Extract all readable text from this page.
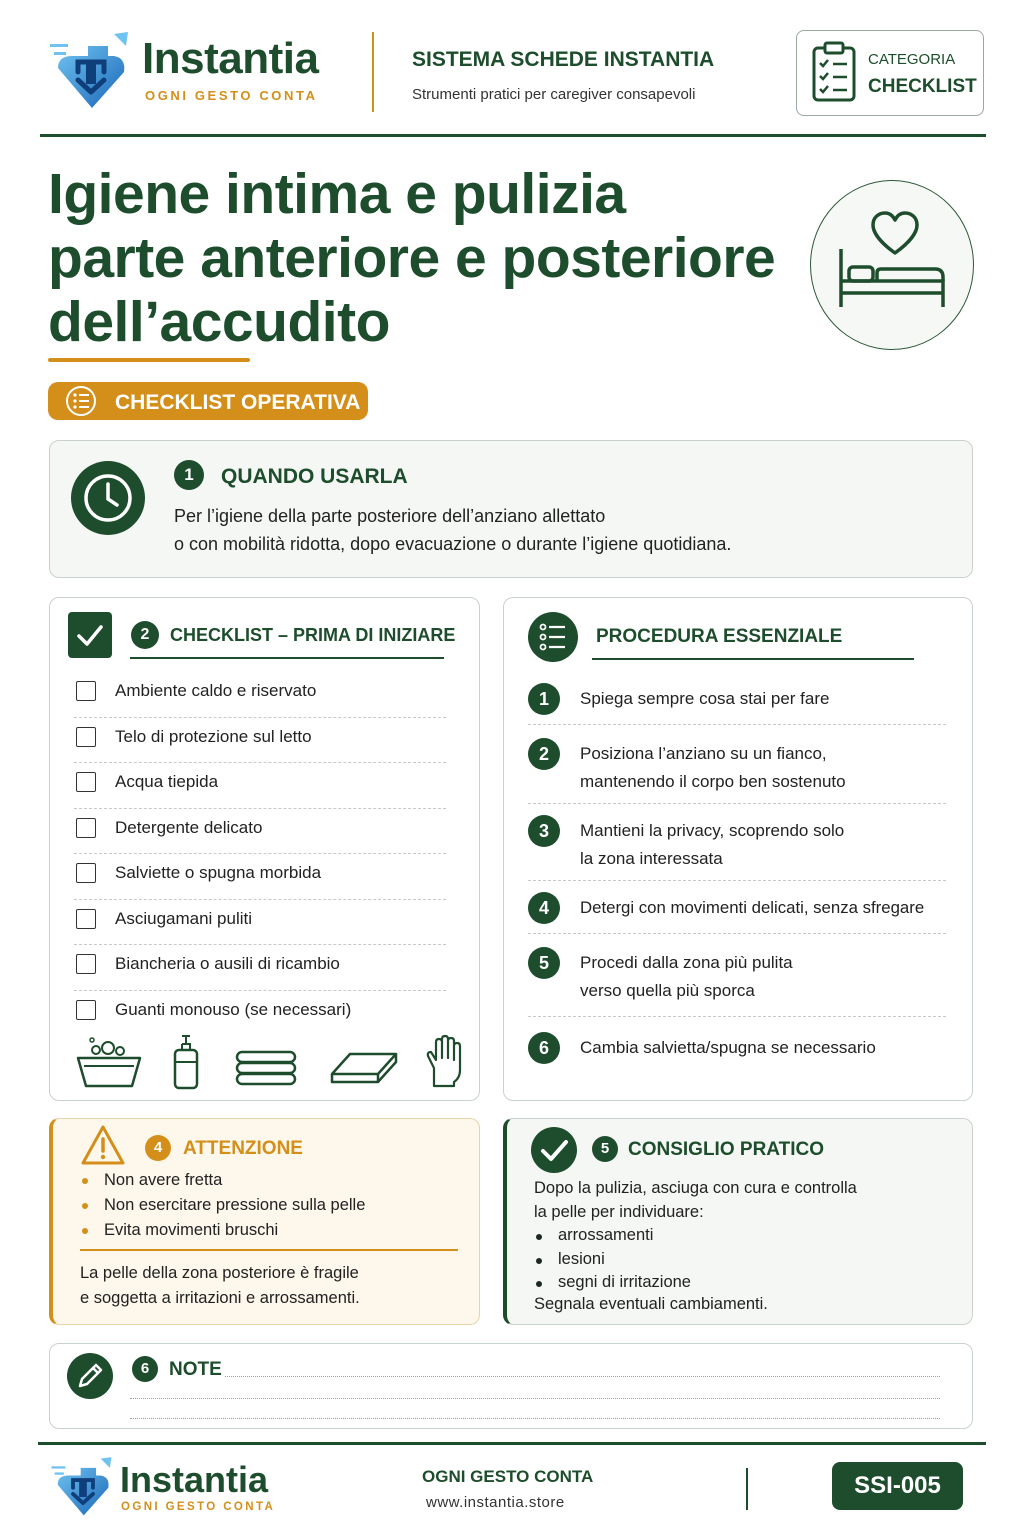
Instantia
OGNI GESTO CONTA
SISTEMA SCHEDE INSTANTIA
Strumenti pratici per caregiver consapevoli
CATEGORIA
CHECKLIST
Igiene intima e pulizia
parte anteriore e posteriore
dell’accudito
CHECKLIST OPERATIVA
1	QUANDO USARLA
Per l’igiene della parte posteriore dell’anziano allettato
o con mobilità ridotta, dopo evacuazione o durante l’igiene quotidiana.
2	CHECKLIST – PRIMA DI INIZIARE
Ambiente caldo e riservato
Telo di protezione sul letto
Acqua tiepida
Detergente delicato
Salviette o spugna morbida
Asciugamani puliti
Biancheria o ausili di ricambio
Guanti monouso (se necessari)
PROCEDURA ESSENZIALE
1	Spiega sempre cosa stai per fare
2	Posiziona l’anziano su un fianco,
mantenendo il corpo ben sostenuto
3	Mantieni la privacy, scoprendo solo
la zona interessata
4	Detergi con movimenti delicati, senza sfregare
5	Procedi dalla zona più pulita
verso quella più sporca
6	Cambia salvietta/spugna se necessario
4	ATTENZIONE
Non avere fretta
Non esercitare pressione sulla pelle
Evita movimenti bruschi
La pelle della zona posteriore è fragile
e soggetta a irritazioni e arrossamenti.
5 CONSIGLIO PRATICO
Dopo la pulizia, asciuga con cura e controlla
la pelle per individuare:
arrossamenti
lesioni
segni di irritazione
Segnala eventuali cambiamenti.
6	NOTE
Instantia
OGNI GESTO CONTA
OGNI GESTO CONTA
www.instantia.store
SSI-005
